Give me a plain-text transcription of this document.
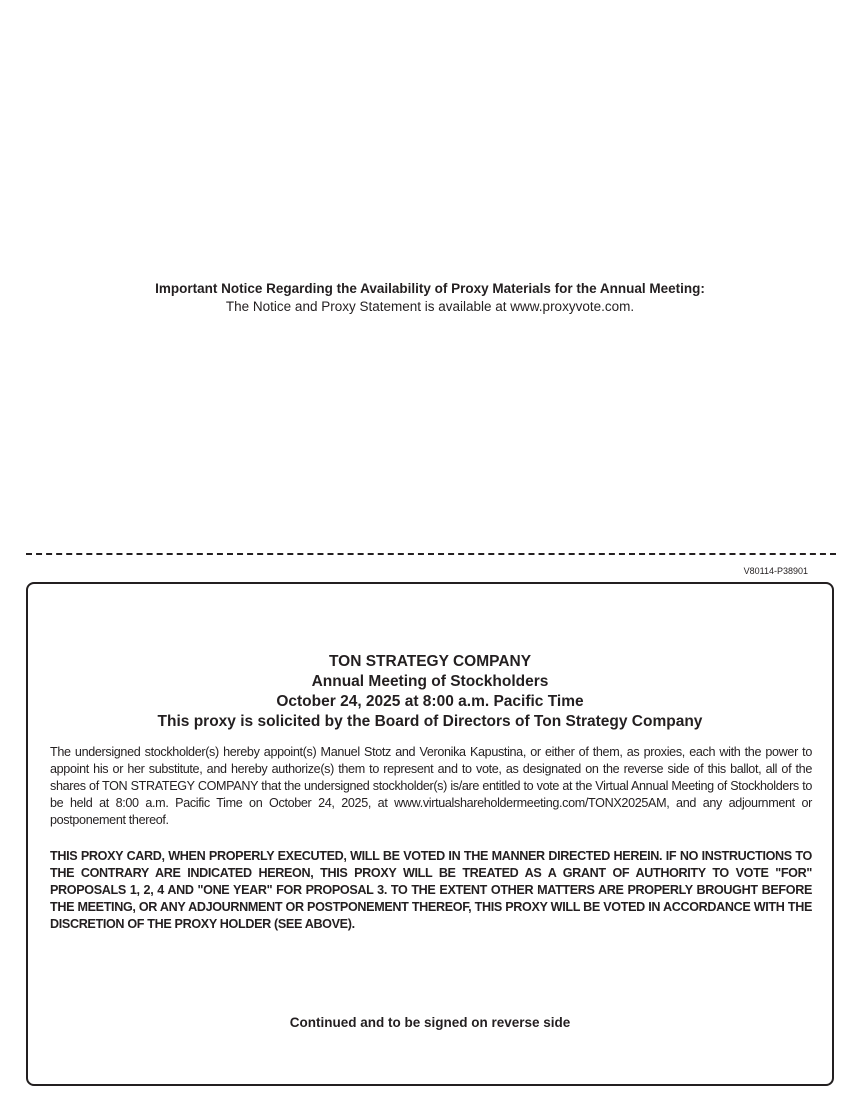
Important Notice Regarding the Availability of Proxy Materials for the Annual Meeting:
The Notice and Proxy Statement is available at www.proxyvote.com.
V80114-P38901
TON STRATEGY COMPANY
Annual Meeting of Stockholders
October 24, 2025 at 8:00 a.m. Pacific Time
This proxy is solicited by the Board of Directors of Ton Strategy Company
The undersigned stockholder(s) hereby appoint(s) Manuel Stotz and Veronika Kapustina, or either of them, as proxies, each with the power to appoint his or her substitute, and hereby authorize(s) them to represent and to vote, as designated on the reverse side of this ballot, all of the shares of TON STRATEGY COMPANY that the undersigned stockholder(s) is/are entitled to vote at the Virtual Annual Meeting of Stockholders to be held at 8:00 a.m. Pacific Time on October 24, 2025, at www.virtualshareholdermeeting.com/TONX2025AM, and any adjournment or postponement thereof.
THIS PROXY CARD, WHEN PROPERLY EXECUTED, WILL BE VOTED IN THE MANNER DIRECTED HEREIN. IF NO INSTRUCTIONS TO THE CONTRARY ARE INDICATED HEREON, THIS PROXY WILL BE TREATED AS A GRANT OF AUTHORITY TO VOTE "FOR" PROPOSALS 1, 2, 4 AND "ONE YEAR" FOR PROPOSAL 3. TO THE EXTENT OTHER MATTERS ARE PROPERLY BROUGHT BEFORE THE MEETING, OR ANY ADJOURNMENT OR POSTPONEMENT THEREOF, THIS PROXY WILL BE VOTED IN ACCORDANCE WITH THE DISCRETION OF THE PROXY HOLDER (SEE ABOVE).
Continued and to be signed on reverse side
